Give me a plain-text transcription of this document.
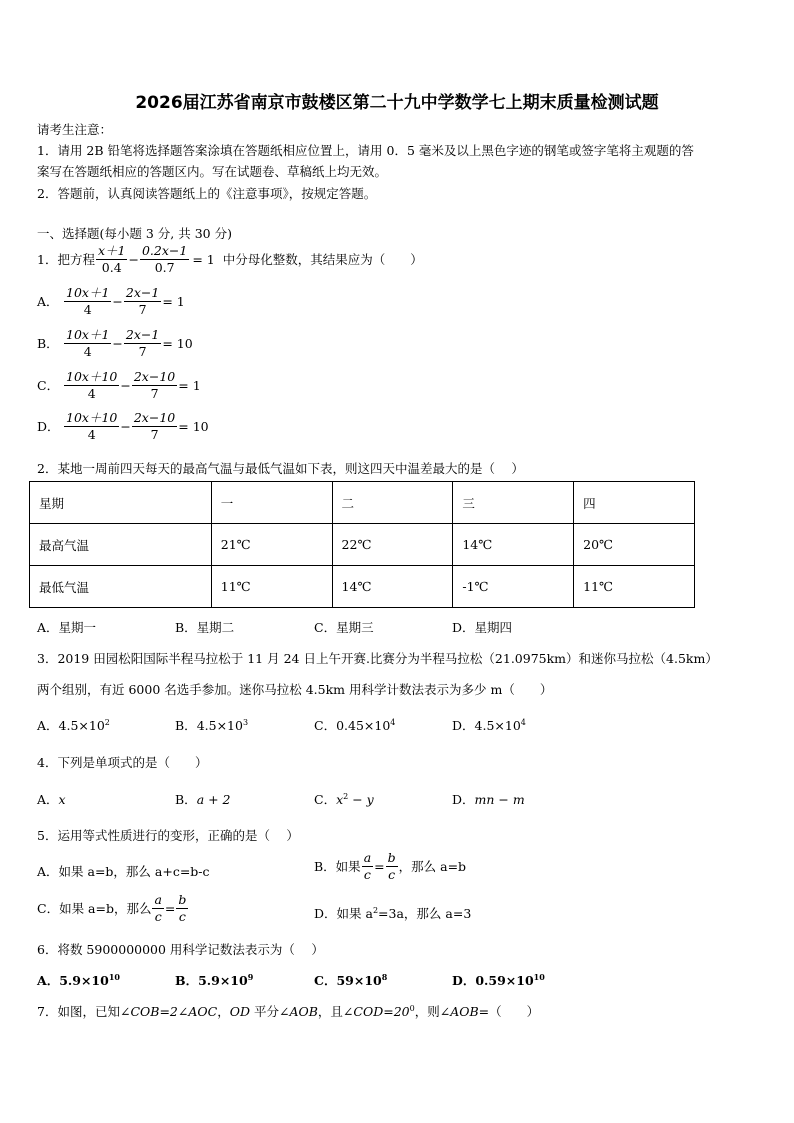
2026届江苏省南京市鼓楼区第二十九中学数学七上期末质量检测试题
请考生注意：
1．请用 2B 铅笔将选择题答案涂填在答题纸相应位置上，请用 0．5 毫米及以上黑色字迹的钢笔或签字笔将主观题的答
案写在答题纸相应的答题区内。写在试题卷、草稿纸上均无效。
2．答题前，认真阅读答题纸上的《注意事项》，按规定答题。
一、选择题(每小题 3 分, 共 30 分)
1．把方程 $\frac{x+1}{0.4} - \frac{0.2x-1}{0.7} = 1$ 中分母化整数，其结果应为（　　）
A． $\frac{10x+1}{4} - \frac{2x-1}{7} = 1$
B． $\frac{10x+1}{4} - \frac{2x-1}{7} = 10$
C． $\frac{10x+10}{4} - \frac{2x-10}{7} = 1$
D． $\frac{10x+10}{4} - \frac{2x-10}{7} = 10$
2．某地一周前四天每天的最高气温与最低气温如下表，则这四天中温差最大的是（　 ）
星期	一	二	三	四
最高气温	21℃	22℃	14℃	20℃
最低气温	11℃	14℃	-1℃	11℃
A．星期一	B．星期二	C．星期三	D．星期四
3．2019 田园松阳国际半程马拉松于 11 月 24 日上午开赛.比赛分为半程马拉松（21.0975km）和迷你马拉松（4.5km）
两个组别，有近 6000 名选手参加。迷你马拉松 4.5km 用科学计数法表示为多少 m（　　）
A．$4.5\times 10^2$	B．$4.5\times 10^3$	C．$0.45\times 10^4$	D．$4.5\times 10^4$
4．下列是单项式的是（　　）
A．x	B．a + 2	C．$x^2 - y$	D．mn − m
5．运用等式性质进行的变形，正确的是（　 ）
A．如果 a=b，那么 a+c=b-c	B．如果 $\frac{a}{c} = \frac{b}{c}$ ，那么 a=b
C．如果 a=b，那么 $\frac{a}{c} = \frac{b}{c}$	D．如果 $a^2=3a$，那么 a=3
6．将数 5900000000 用科学记数法表示为（　 ）
A．$5.9\times 10^{10}$	B．$5.9\times 10^9$	C．$59\times 10^8$	D．$0.59\times 10^{10}$
7．如图，已知∠COB=2∠AOC，OD 平分∠AOB，且$\angle COD=20^0$，则∠AOB=（　　）
